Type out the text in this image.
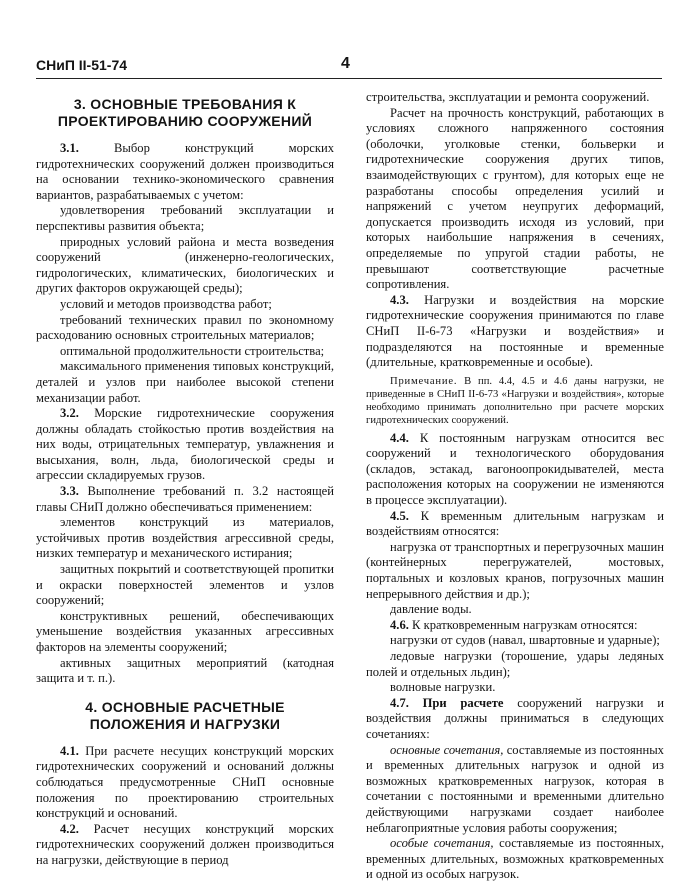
СНиП II-51-74	4
3. ОСНОВНЫЕ ТРЕБОВАНИЯ К ПРОЕКТИРОВАНИЮ СООРУЖЕНИЙ

3.1.	Выбор конструкций морских гидротехнических сооружений должен производиться на основании технико-экономического сравнения вариантов, разрабатываемых с учетом:

удовлетворения требований эксплуатации и перспективы развития объекта;

природных условий района и места возведения сооружений (инженерно-геологических, гидрологических, климатических, биологических и других факторов окружающей среды);

условий и методов производства работ;

требований технических правил по экономному расходованию основных строительных материалов;

оптимальной продолжительности строительства;

максимального применения типовых конструкций, деталей и узлов при наиболее высокой степени механизации работ.

3.2. Морские гидротехнические сооружения должны обладать стойкостью против воздействия на них воды, отрицательных температур, увлажнения и высыхания, волн, льда, биологической среды и агрессии складируемых грузов.

3.3. Выполнение требований п. 3.2 настоящей главы СНиП должно обеспечиваться применением:

элементов конструкций из материалов, устойчивых против воздействия агрессивной среды, низких температур и механического истирания;

защитных покрытий и соответствующей пропитки и окраски поверхностей элементов и узлов сооружений;

конструктивных решений, обеспечивающих уменьшение воздействия указанных агрессивных факторов на элементы сооружений;

активных защитных мероприятий (катодная защита и т. п.).

4. ОСНОВНЫЕ РАСЧЕТНЫЕ ПОЛОЖЕНИЯ И НАГРУЗКИ

4.1. При расчете несущих конструкций морских гидротехнических сооружений и оснований должны соблюдаться предусмотренные СНиП основные положения по проектированию строительных конструкций и оснований.

4.2. Расчет несущих конструкций морских гидротехнических сооружений должен производиться на нагрузки, действующие в период

строительства, эксплуатации и ремонта сооружений.

Расчет на прочность конструкций, работающих в условиях сложного напряженного состояния (оболочки, уголковые стенки, больверки и гидротехнические сооружения других типов, взаимодействующих с грунтом), для которых еще не разработаны способы определения усилий и напряжений с учетом неупругих деформаций, допускается производить исходя из условий, при которых наибольшие напряжения в сечениях, определяемые по упругой стадии работы, не превышают соответствующие расчетные сопротивления.

4.3. Нагрузки и воздействия на морские гидротехнические сооружения принимаются по главе СНиП II-6-73 «Нагрузки и воздействия» и подразделяются на постоянные и временные (длительные, кратковременные и особые).

Примечание. В пп. 4.4, 4.5 и 4.6 даны нагрузки, не приведенные в СНиП II-6-73 «Нагрузки и воздействия», которые необходимо принимать дополнительно при расчете морских гидротехнических сооружений.

4.4. К постоянным нагрузкам относится вес сооружений и технологического оборудования (складов, эстакад, вагоноопрокидывателей, места расположения которых на сооружении не изменяются в процессе эксплуатации).

4.5. К временным длительным нагрузкам и воздействиям относятся:

нагрузка от транспортных и перегрузочных машин (контейнерных перегружателей, мостовых, портальных и козловых кранов, погрузочных машин непрерывного действия и др.);

давление воды.

4.6. К кратковременным нагрузкам относятся:

нагрузки от судов (навал, швартовные и ударные);

ледовые нагрузки (торошение, удары ледяных полей и отдельных льдин);

волновые нагрузки.

4.7. При расчете сооружений нагрузки и воздействия должны приниматься в следующих сочетаниях:

основные сочетания, составляемые из постоянных и временных длительных нагрузок и одной из возможных кратковременных нагрузок, которая в сочетании с постоянными и временными длительно действующими нагрузками создает наиболее неблагоприятные условия работы сооружения;

особые сочетания, составляемые из постоянных, временных длительных, возможных кратковременных и одной из особых нагрузок.
